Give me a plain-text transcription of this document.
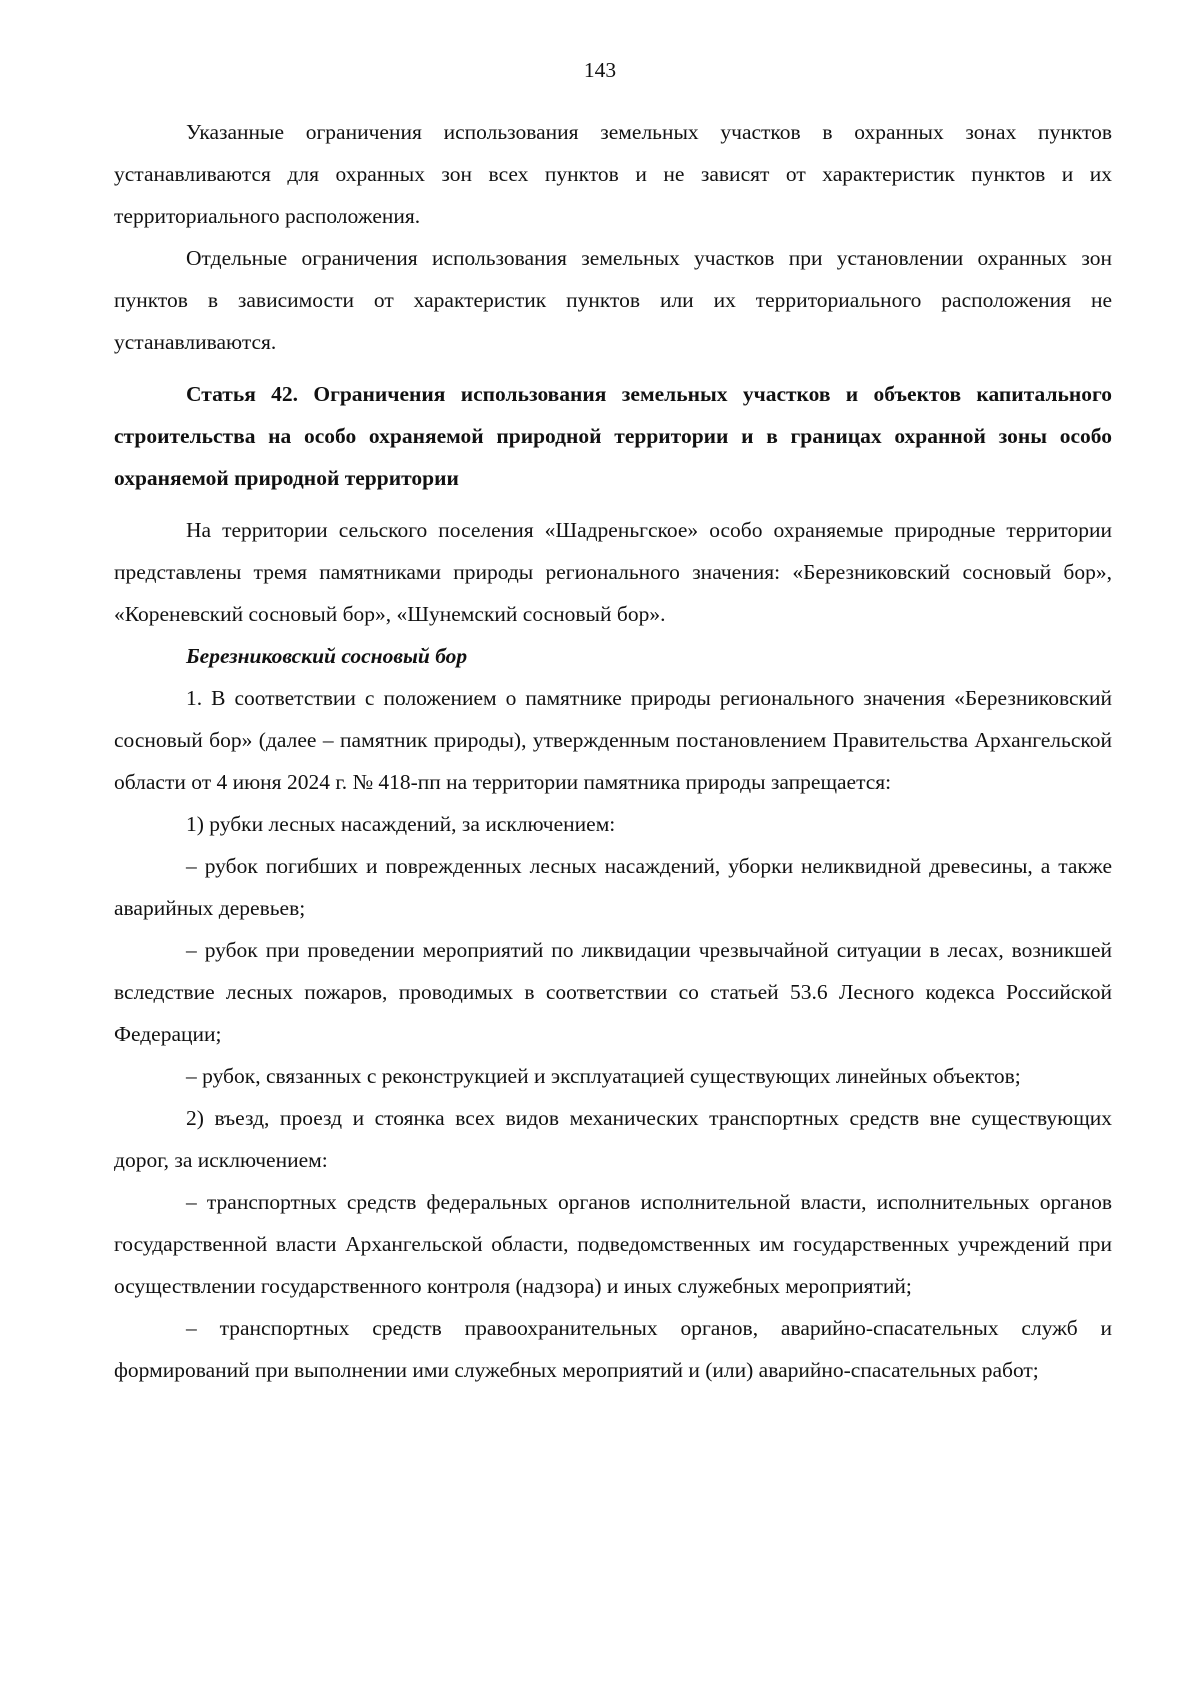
143

Указанные ограничения использования земельных участков в охранных зонах пунктов устанавливаются для охранных зон всех пунктов и не зависят от характеристик пунктов и их территориального расположения.

Отдельные ограничения использования земельных участков при установлении охранных зон пунктов в зависимости от характеристик пунктов или их территориального расположения не устанавливаются.

Статья 42. Ограничения использования земельных участков и объектов капитального строительства на особо охраняемой природной территории и в границах охранной зоны особо охраняемой природной территории

На территории сельского поселения «Шадреньгское» особо охраняемые природные территории представлены тремя памятниками природы регионального значения: «Березниковский сосновый бор», «Кореневский сосновый бор», «Шунемский сосновый бор».

Березниковский сосновый бор

1. В соответствии с положением о памятнике природы регионального значения «Березниковский сосновый бор» (далее – памятник природы), утвержденным постановлением Правительства Архангельской области от 4 июня 2024 г. № 418-пп на территории памятника природы запрещается:

1) рубки лесных насаждений, за исключением:

– рубок погибших и поврежденных лесных насаждений, уборки неликвидной древесины, а также аварийных деревьев;

– рубок при проведении мероприятий по ликвидации чрезвычайной ситуации в лесах, возникшей вследствие лесных пожаров, проводимых в соответствии со статьей 53.6 Лесного кодекса Российской Федерации;

– рубок, связанных с реконструкцией и эксплуатацией существующих линейных объектов;

2) въезд, проезд и стоянка всех видов механических транспортных средств вне существующих дорог, за исключением:

– транспортных средств федеральных органов исполнительной власти, исполнительных органов государственной власти Архангельской области, подведомственных им государственных учреждений при осуществлении государственного контроля (надзора) и иных служебных мероприятий;

– транспортных средств правоохранительных органов, аварийно-спасательных служб и формирований при выполнении ими служебных мероприятий и (или) аварийно-спасательных работ;
